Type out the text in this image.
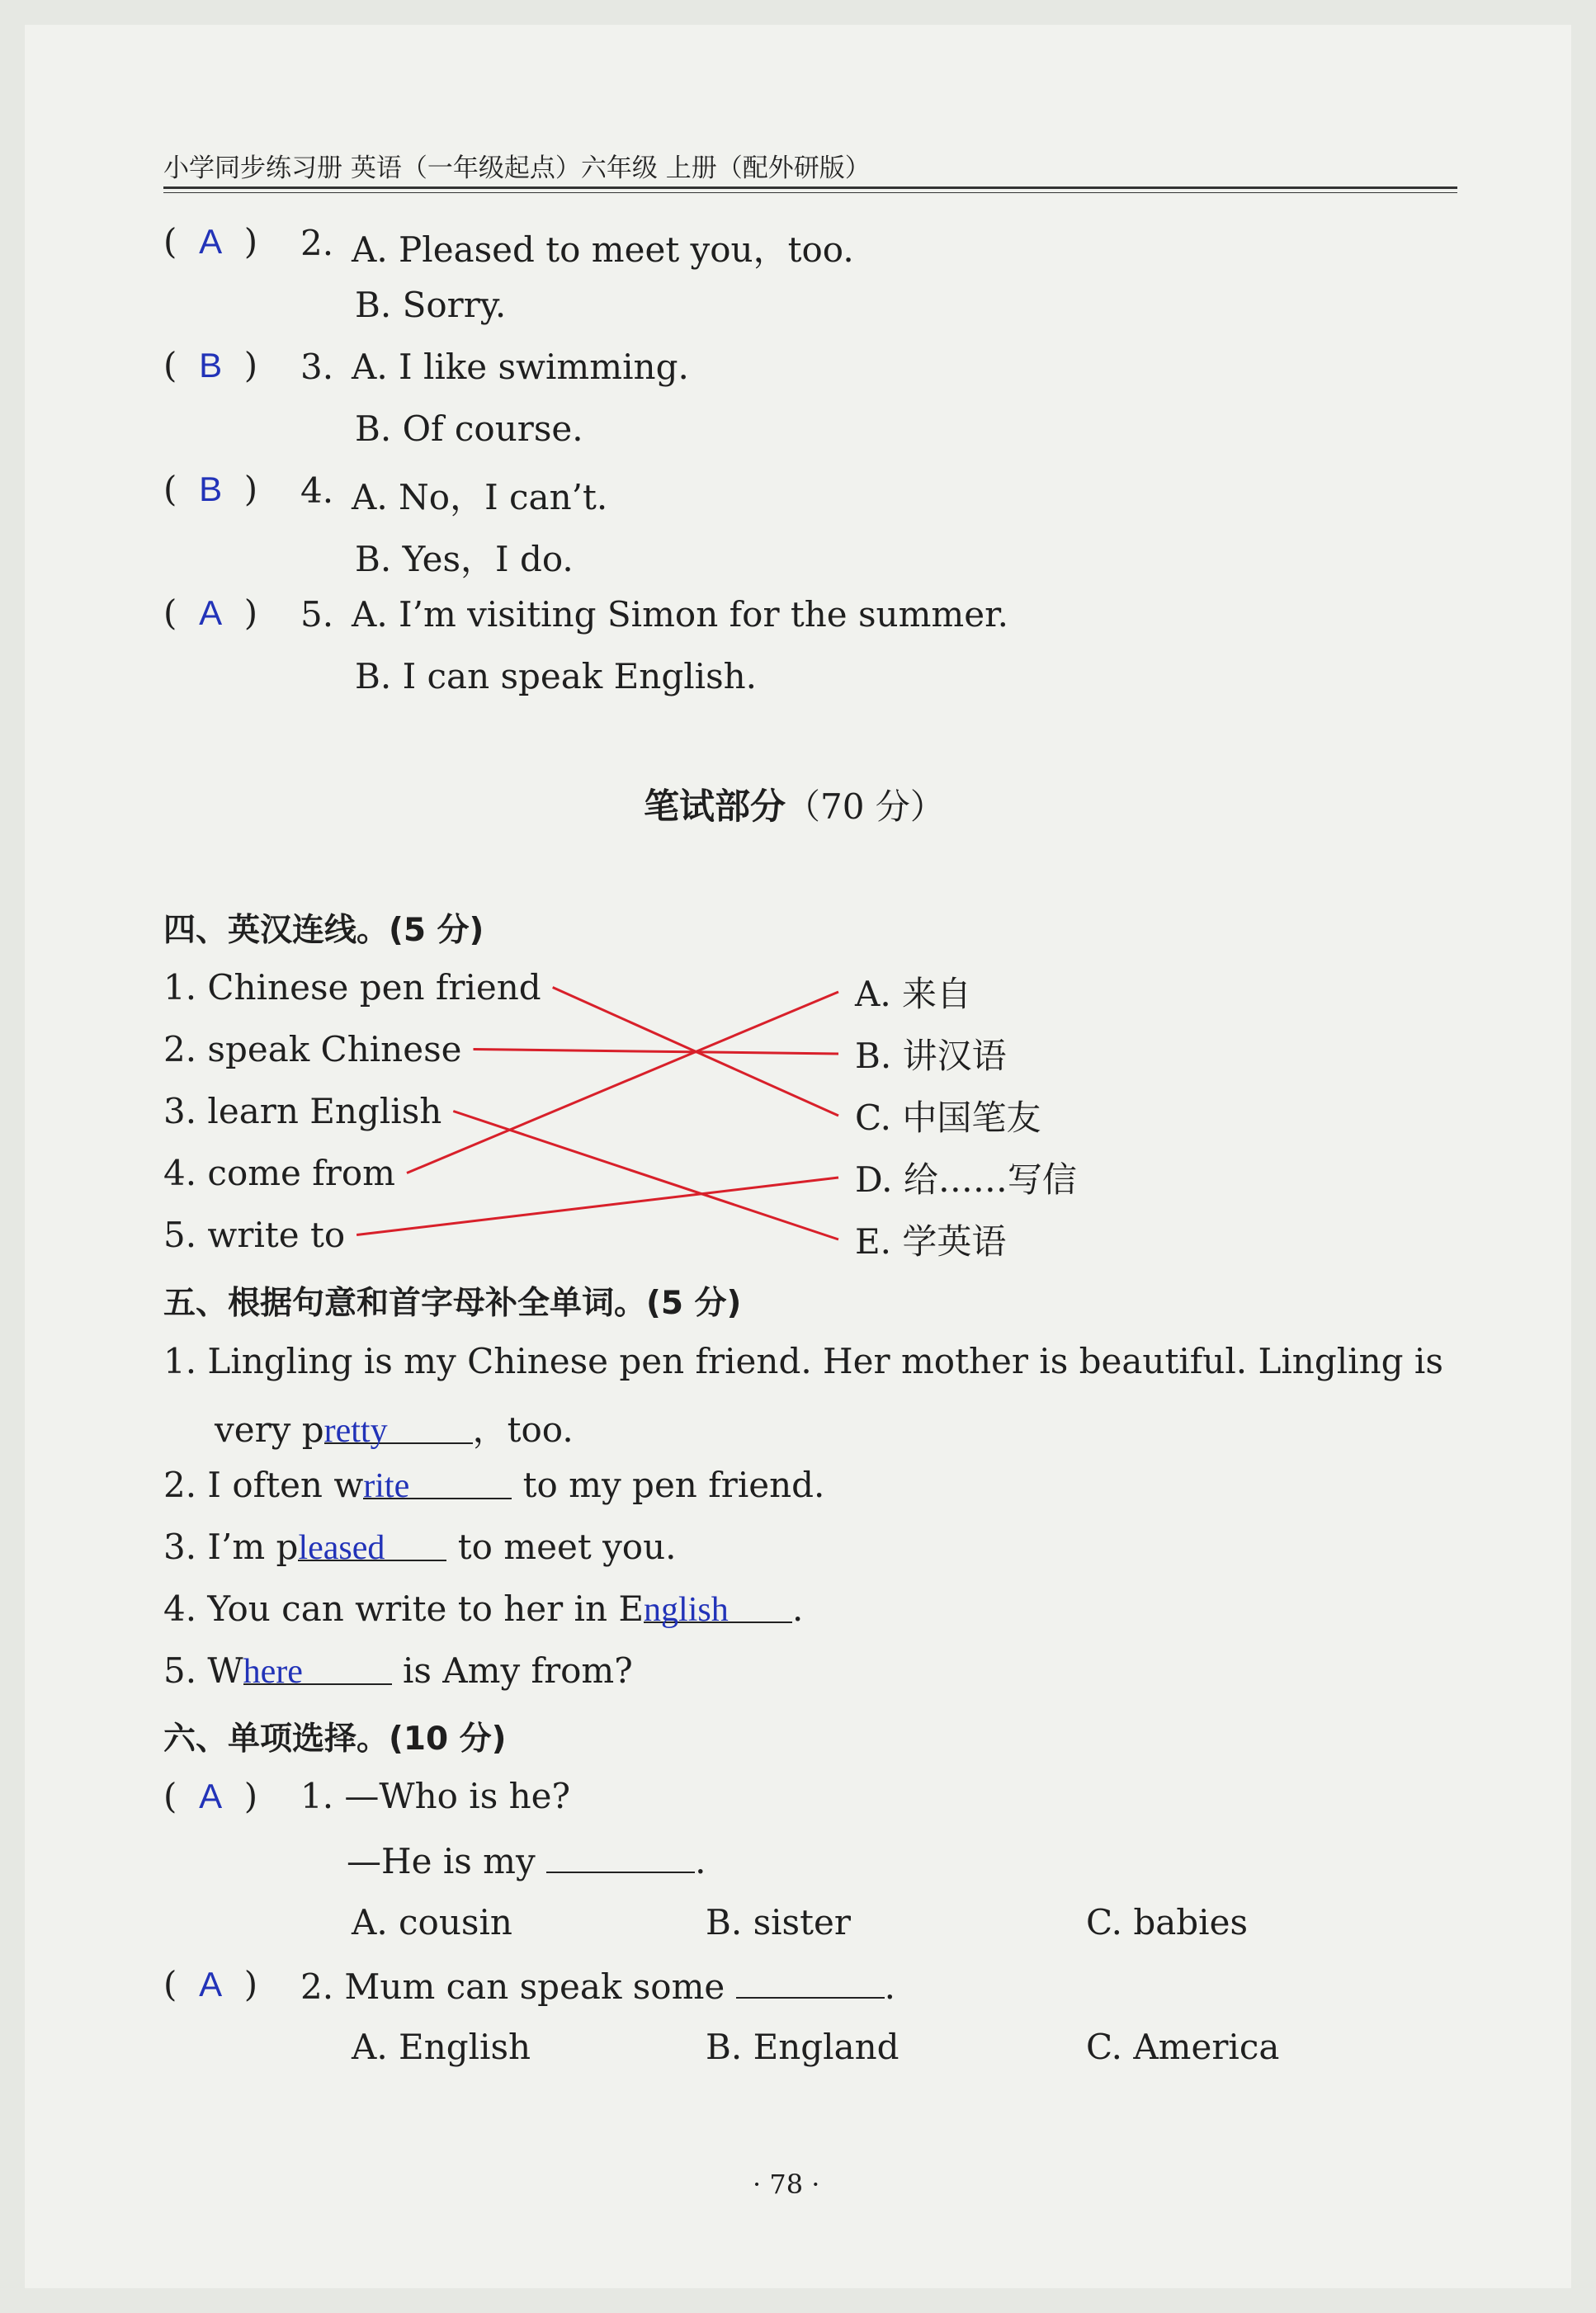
小学同步练习册 英语（一年级起点）六年级 上册（配外研版）
(  A  ) 2. A. Pleased to meet you，too.
B. Sorry.
(  B  ) 3. A. I like swimming.
B. Of course.
(  B  ) 4. A. No，I can’t.
B. Yes，I do.
(  A  ) 5. A. I’m visiting Simon for the summer.
B. I can speak English.
笔试部分（70 分）
四、英汉连线。(5 分)
1. Chinese pen friend
2. speak Chinese
3. learn English
4. come from
5. write to
A. 来自
B. 讲汉语
C. 中国笔友
D. 给……写信
E. 学英语
五、根据句意和首字母补全单词。(5 分)
1. Lingling is my Chinese pen friend. Her mother is beautiful. Lingling is
very pretty ，too.
2. I often write	to my pen friend.
3. I’m pleased to meet you.
4. You can write to her in English .
5. Where	is Amy from?
六、单项选择。(10 分)
(  A  ) 1. —Who is he?
—He is my	.
A. cousin	B. sister	C. babies
(  A  ) 2. Mum can speak some	.
A. English	B. England	C. America
· 78 ·
